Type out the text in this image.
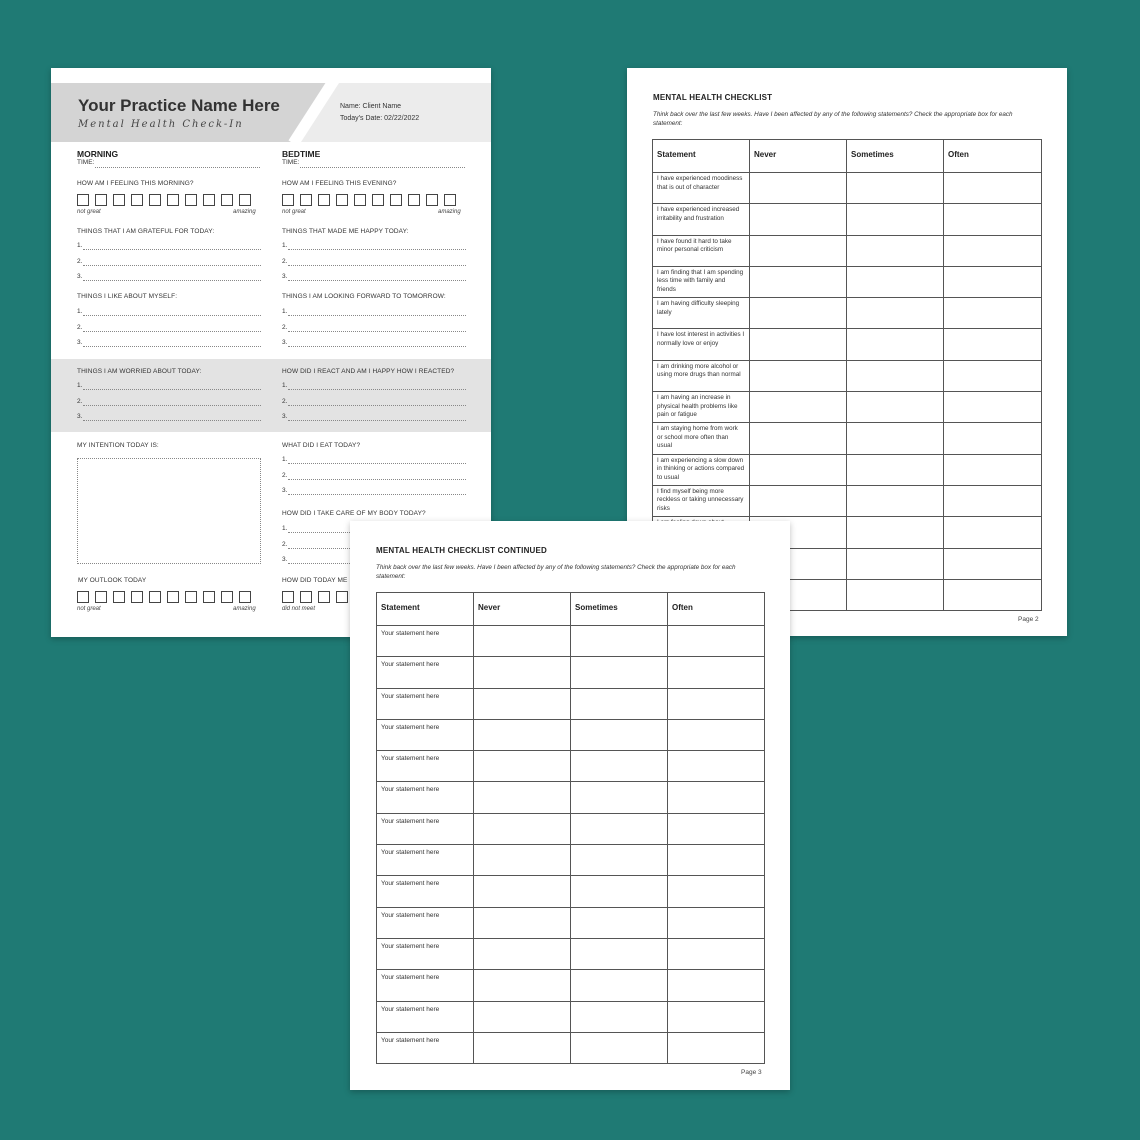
Your Practice Name Here
Mental Health Check-In
Name: Client Name
Today's Date: 02/22/2022
MORNING
TIME:
HOW AM I FEELING THIS MORNING?
not great	amazing
THINGS THAT I AM GRATEFUL FOR TODAY:
1.
2.
3.
THINGS I LIKE ABOUT MYSELF:
1.
2.
3.
THINGS I AM WORRIED ABOUT TODAY:
1.
2.
3.
MY INTENTION TODAY IS:
MY OUTLOOK TODAY
not great	amazing
BEDTIME
TIME:
HOW AM I FEELING THIS EVENING?
not great	amazing
THINGS THAT MADE ME HAPPY TODAY:
1.
2.
3.
THINGS I AM LOOKING FORWARD TO TOMORROW:
1.
2.
3.
HOW DID I REACT AND AM I HAPPY HOW I REACTED?
1.
2.
3.
WHAT DID I EAT TODAY?
1.
2.
3.
HOW DID I TAKE CARE OF MY BODY TODAY?
1.
2.
3.
HOW DID TODAY ME
did not meet
MENTAL HEALTH CHECKLIST
Think back over the last few weeks. Have I been affected by any of the following statements? Check the appropriate box for each statement:
Statement	Never	Sometimes	Often
I have experienced moodiness that is out of character			
I have experienced increased irritability and frustration			
I have found it hard to take minor personal criticism			
I am finding that I am spending less time with family and friends			
I am having difficulty sleeping lately			
I have lost interest in activities I normally love or enjoy			
I am drinking more alcohol or using more drugs than normal			
I am having an increase in physical health problems like pain or fatigue			
I am staying home from work or school more often than usual			
I am experiencing a slow down in thinking or actions compared to usual			
I find myself being more reckless or taking unnecessary risks			

Page 2
MENTAL HEALTH CHECKLIST CONTINUED
Think back over the last few weeks. Have I been affected by any of the following statements? Check the appropriate box for each statement:
Statement	Never	Sometimes	Often
Your statement here			
Your statement here			
Your statement here			
Your statement here			
Your statement here			
Your statement here			
Your statement here			
Your statement here			
Your statement here			
Your statement here			
Your statement here			
Your statement here			
Your statement here			
Your statement here			
Page 3
